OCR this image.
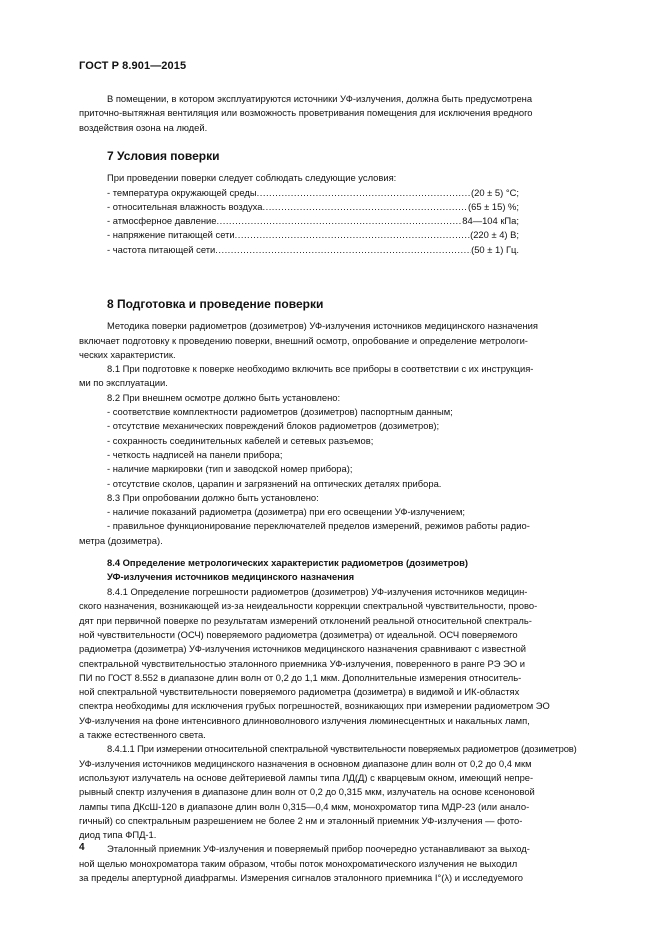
ГОСТ Р 8.901—2015
В помещении, в котором эксплуатируются источники УФ-излучения, должна быть предусмотрена
приточно-вытяжная вентиляция или возможность проветривания помещения для исключения вредного
воздействия озона на людей.
7 Условия поверки
При проведении поверки следует соблюдать следующие условия:
- температура окружающей среды .....	(20 ± 5) °С;
- относительная влажность воздуха .....	(65 ± 15) %;
- атмосферное давление .....	84—104 кПа;
- напряжение питающей сети .....	(220 ± 4) В;
- частота питающей сети .....	(50 ± 1) Гц.
8 Подготовка и проведение поверки
Методика поверки радиометров (дозиметров) УФ-излучения источников медицинского назначения
включает подготовку к проведению поверки, внешний осмотр, опробование и определение метрологи-
ческих характеристик.
8.1 При подготовке к поверке необходимо включить все приборы в соответствии с их инструкция-
ми по эксплуатации.
8.2 При внешнем осмотре должно быть установлено:
- соответствие комплектности радиометров (дозиметров) паспортным данным;
- отсутствие механических повреждений блоков радиометров (дозиметров);
- сохранность соединительных кабелей и сетевых разъемов;
- четкость надписей на панели прибора;
- наличие маркировки (тип и заводской номер прибора);
- отсутствие сколов, царапин и загрязнений на оптических деталях прибора.
8.3 При опробовании должно быть установлено:
- наличие показаний радиометра (дозиметра) при его освещении УФ-излучением;
- правильное функционирование переключателей пределов измерений, режимов работы радио-
метра (дозиметра).
8.4 Определение метрологических характеристик радиометров (дозиметров)
УФ-излучения источников медицинского назначения
8.4.1 Определение погрешности радиометров (дозиметров) УФ-излучения источников медицин-
ского назначения, возникающей из-за неидеальности коррекции спектральной чувствительности, прово-
дят при первичной поверке по результатам измерений отклонений реальной относительной спектраль-
ной чувствительности (ОСЧ) поверяемого радиометра (дозиметра) от идеальной. ОСЧ поверяемого
радиометра (дозиметра) УФ-излучения источников медицинского назначения сравнивают с известной
спектральной чувствительностью эталонного приемника УФ-излучения, поверенного в ранге РЭ ЭО и
ПИ по ГОСТ 8.552 в диапазоне длин волн от 0,2 до 1,1 мкм. Дополнительные измерения относитель-
ной спектральной чувствительности поверяемого радиометра (дозиметра) в видимой и ИК-областях
спектра необходимы для исключения грубых погрешностей, возникающих при измерении радиометром ЭО
УФ-излучения на фоне интенсивного длинноволнового излучения люминесцентных и накальных ламп,
а также естественного света.
8.4.1.1 При измерении относительной спектральной чувствительности поверяемых радиометров (дозиметров)
УФ-излучения источников медицинского назначения в основном диапазоне длин волн от 0,2 до 0,4 мкм
используют излучатель на основе дейтериевой лампы типа ЛД(Д) с кварцевым окном, имеющий непре-
рывный спектр излучения в диапазоне длин волн от 0,2 до 0,315 мкм, излучатель на основе ксеноновой
лампы типа ДКсШ-120 в диапазоне длин волн 0,315—0,4 мкм, монохроматор типа МДР-23 (или анало-
гичный) со спектральным разрешением не более 2 нм и эталонный приемник УФ-излучения — фото-
диод типа ФПД-1.
Эталонный приемник УФ-излучения и поверяемый прибор поочередно устанавливают за выход-
ной щелью монохроматора таким образом, чтобы поток монохроматического излучения не выходил
за пределы апертурной диафрагмы. Измерения сигналов эталонного приемника I°(λ) и исследуемого
4
